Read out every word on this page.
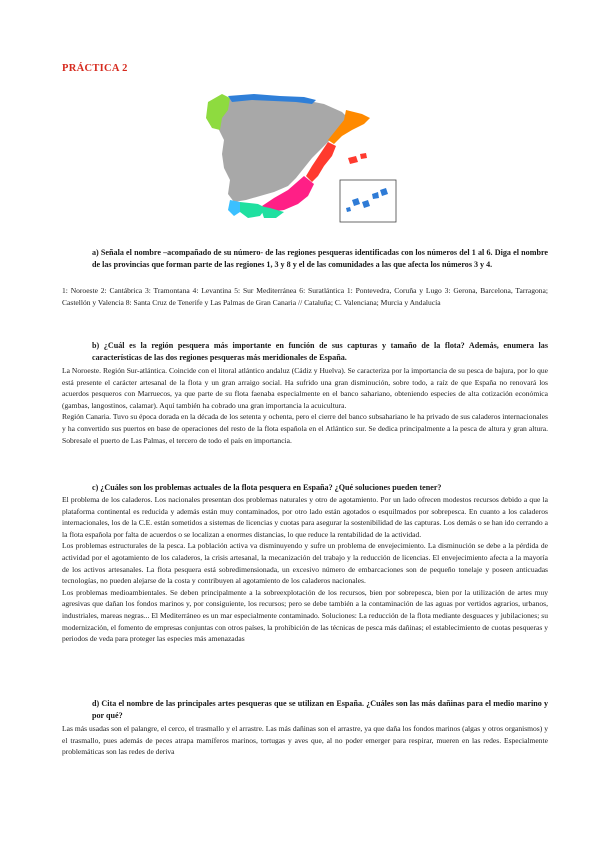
PRÁCTICA 2
a) Señala el nombre –acompañado de su número- de las regiones pesqueras identificadas con los números del 1 al 6. Diga el nombre de las provincias que forman parte de las regiones 1, 3 y 8 y el de las comunidades a las que afecta los números 3 y 4.
1: Noroeste 2: Cantábrica 3: Tramontana 4: Levantina 5: Sur Mediterránea 6: Suratlántica 1: Pontevedra, Coruña y Lugo 3: Gerona, Barcelona, Tarragona; Castellón y Valencia 8: Santa Cruz de Tenerife y Las Palmas de Gran Canaria // Cataluña; C. Valenciana; Murcia y Andalucía
b) ¿Cuál es la región pesquera más importante en función de sus capturas y tamaño de la flota? Además, enumera las características de las dos regiones pesqueras más meridionales de España.
La Noroeste. Región Sur-atlántica. Coincide con el litoral atlántico andaluz (Cádiz y Huelva). Se caracteriza por la importancia de su pesca de bajura, por lo que está presente el carácter artesanal de la flota y un gran arraigo social. Ha sufrido una gran disminución, sobre todo, a raíz de que España no renovará los acuerdos pesqueros con Marruecos, ya que parte de su flota faenaba especialmente en el banco sahariano, obteniendo especies de alta cotización económica (gambas, langostinos, calamar). Aquí también ha cobrado una gran importancia la acuicultura.
Región Canaria. Tuvo su época dorada en la década de los setenta y ochenta, pero el cierre del banco subsahariano le ha privado de sus caladeros internacionales y ha convertido sus puertos en base de operaciones del resto de la flota española en el Atlántico sur. Se dedica principalmente a la pesca de altura y gran altura. Sobresale el puerto de Las Palmas, el tercero de todo el país en importancia.
c) ¿Cuáles son los problemas actuales de la flota pesquera en España? ¿Qué soluciones pueden tener?
El problema de los caladeros. Los nacionales presentan dos problemas naturales y otro de agotamiento. Por un lado ofrecen modestos recursos debido a que la plataforma continental es reducida y además están muy contaminados, por otro lado están agotados o esquilmados por sobrepesca. En cuanto a los caladeros internacionales, los de la C.E. están sometidos a sistemas de licencias y cuotas para asegurar la sostenibilidad de las capturas. Los demás o se han ido cerrando a la flota española por falta de acuerdos o se localizan a enormes distancias, lo que reduce la rentabilidad de la actividad.
Los problemas estructurales de la pesca. La población activa va disminuyendo y sufre un problema de envejecimiento. La disminución se debe a la pérdida de actividad por el agotamiento de los caladeros, la crisis artesanal, la mecanización del trabajo y la reducción de licencias. El envejecimiento afecta a la mayoría de los activos artesanales. La flota pesquera está sobredimensionada, un excesivo número de embarcaciones son de pequeño tonelaje y poseen anticuadas tecnologías, no pueden alejarse de la costa y contribuyen al agotamiento de los caladeros nacionales.
Los problemas medioambientales. Se deben principalmente a la sobreexplotación de los recursos, bien por sobrepesca, bien por la utilización de artes muy agresivas que dañan los fondos marinos y, por consiguiente, los recursos; pero se debe también a la contaminación de las aguas por vertidos agrarios, urbanos, industriales, mareas negras... El Mediterráneo es un mar especialmente contaminado. Soluciones: La reducción de la flota mediante desguaces y jubilaciones; su modernización, el fomento de empresas conjuntas con otros países, la prohibición de las técnicas de pesca más dañinas; el establecimiento de cuotas pesqueras y periodos de veda para proteger las especies más amenazadas
d) Cita el nombre de las principales artes pesqueras que se utilizan en España. ¿Cuáles son las más dañinas para el medio marino y por qué?
Las más usadas son el palangre, el cerco, el trasmallo y el arrastre. Las más dañinas son el arrastre, ya que daña los fondos marinos (algas y otros organismos) y el trasmallo, pues además de peces atrapa mamíferos marinos, tortugas y aves que, al no poder emerger para respirar, mueren en las redes. Especialmente problemáticas son las redes de deriva
